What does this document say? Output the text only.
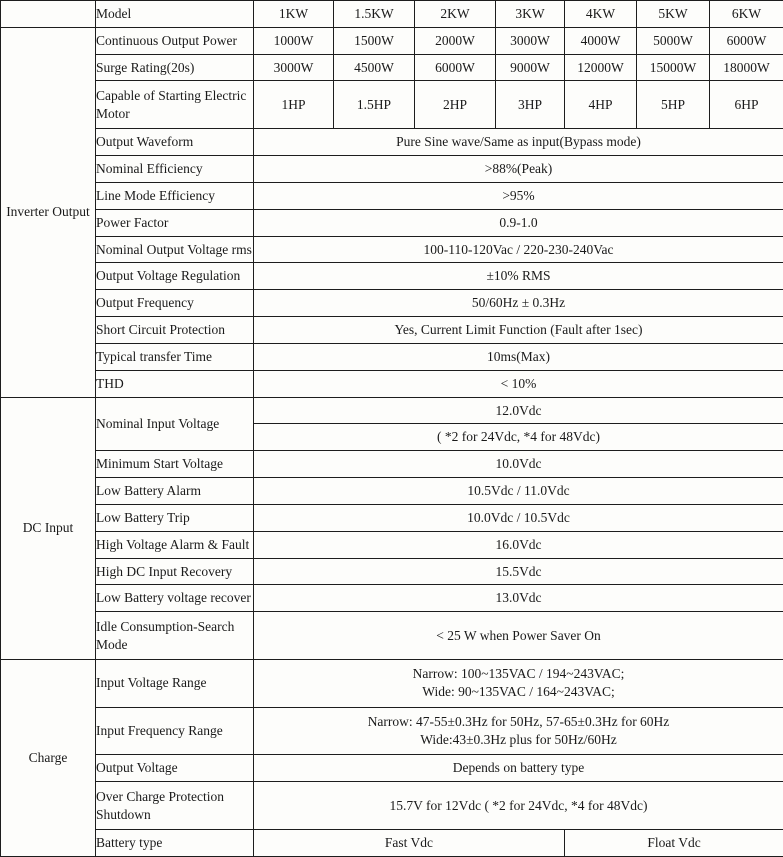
	Model	1KW	1.5KW	2KW	3KW	4KW	5KW	6KW
Inverter Output	Continuous Output Power	1000W	1500W	2000W	3000W	4000W	5000W	6000W
	Surge Rating(20s)	3000W	4500W	6000W	9000W	12000W	15000W	18000W
	Capable of Starting Electric Motor	1HP	1.5HP	2HP	3HP	4HP	5HP	6HP
	Output Waveform	Pure Sine wave/Same as input(Bypass mode)						
	Nominal Efficiency	>88%(Peak)						
	Line Mode Efficiency	>95%						
	Power Factor	0.9-1.0						
	Nominal Output Voltage rms	100-110-120Vac / 220-230-240Vac						
	Output Voltage Regulation	±10% RMS						
	Output Frequency	50/60Hz ± 0.3Hz						
	Short Circuit Protection	Yes, Current Limit Function (Fault after 1sec)						
	Typical transfer Time	10ms(Max)						
	THD	< 10%						
DC Input	Nominal Input Voltage	12.0Vdc						
		( *2 for 24Vdc, *4 for 48Vdc)						
	Minimum Start Voltage	10.0Vdc						
	Low Battery Alarm	10.5Vdc / 11.0Vdc						
	Low Battery Trip	10.0Vdc / 10.5Vdc						
	High Voltage Alarm & Fault	16.0Vdc						
	High DC Input Recovery	15.5Vdc						
	Low Battery voltage recover	13.0Vdc						
	Idle Consumption-Search Mode	< 25 W when Power Saver On						
Charge	Input Voltage Range	Narrow: 100~135VAC / 194~243VAC;
Wide: 90~135VAC / 164~243VAC;						

	Input Frequency Range	Narrow: 47-55±0.3Hz for 50Hz, 57-65±0.3Hz for 60Hz
Wide:43±0.3Hz plus for 50Hz/60Hz						

	Output Voltage	Depends on battery type						
	Over Charge Protection Shutdown	15.7V for 12Vdc ( *2 for 24Vdc, *4 for 48Vdc)						
	Battery type	Fast Vdc				Float Vdc		
